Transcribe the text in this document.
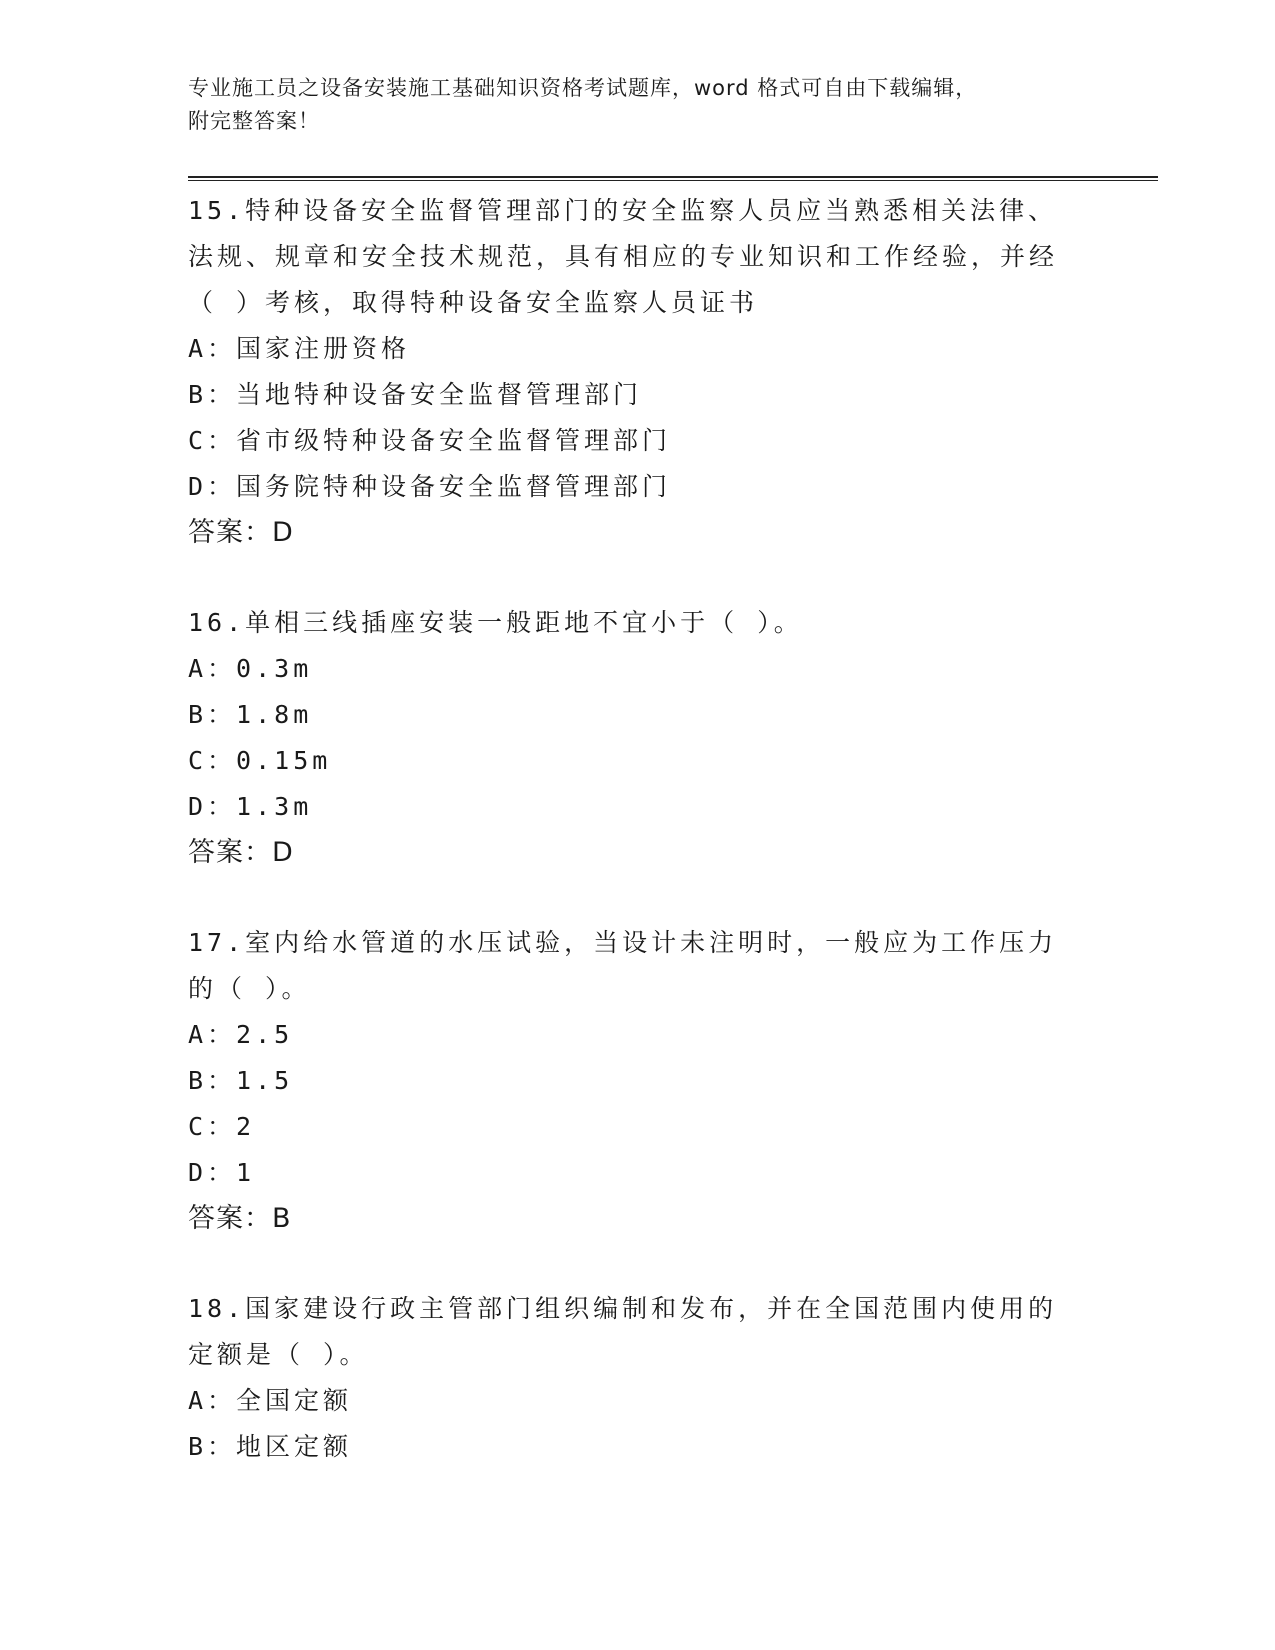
专业施工员之设备安装施工基础知识资格考试题库，word 格式可自由下载编辑，
附完整答案！
15.特种设备安全监督管理部门的安全监察人员应当熟悉相关法律、法规、规章和安全技术规范，具有相应的专业知识和工作经验，并经（ ）考核，取得特种设备安全监察人员证书
A：国家注册资格
B：当地特种设备安全监督管理部门
C：省市级特种设备安全监督管理部门
D：国务院特种设备安全监督管理部门
答案：D
16.单相三线插座安装一般距地不宜小于（ ）。
A：0.3m
B：1.8m
C：0.15m
D：1.3m
答案：D
17.室内给水管道的水压试验，当设计未注明时，一般应为工作压力的（ ）。
A：2.5
B：1.5
C：2
D：1
答案：B
18.国家建设行政主管部门组织编制和发布，并在全国范围内使用的定额是（ ）。
A：全国定额
B：地区定额
